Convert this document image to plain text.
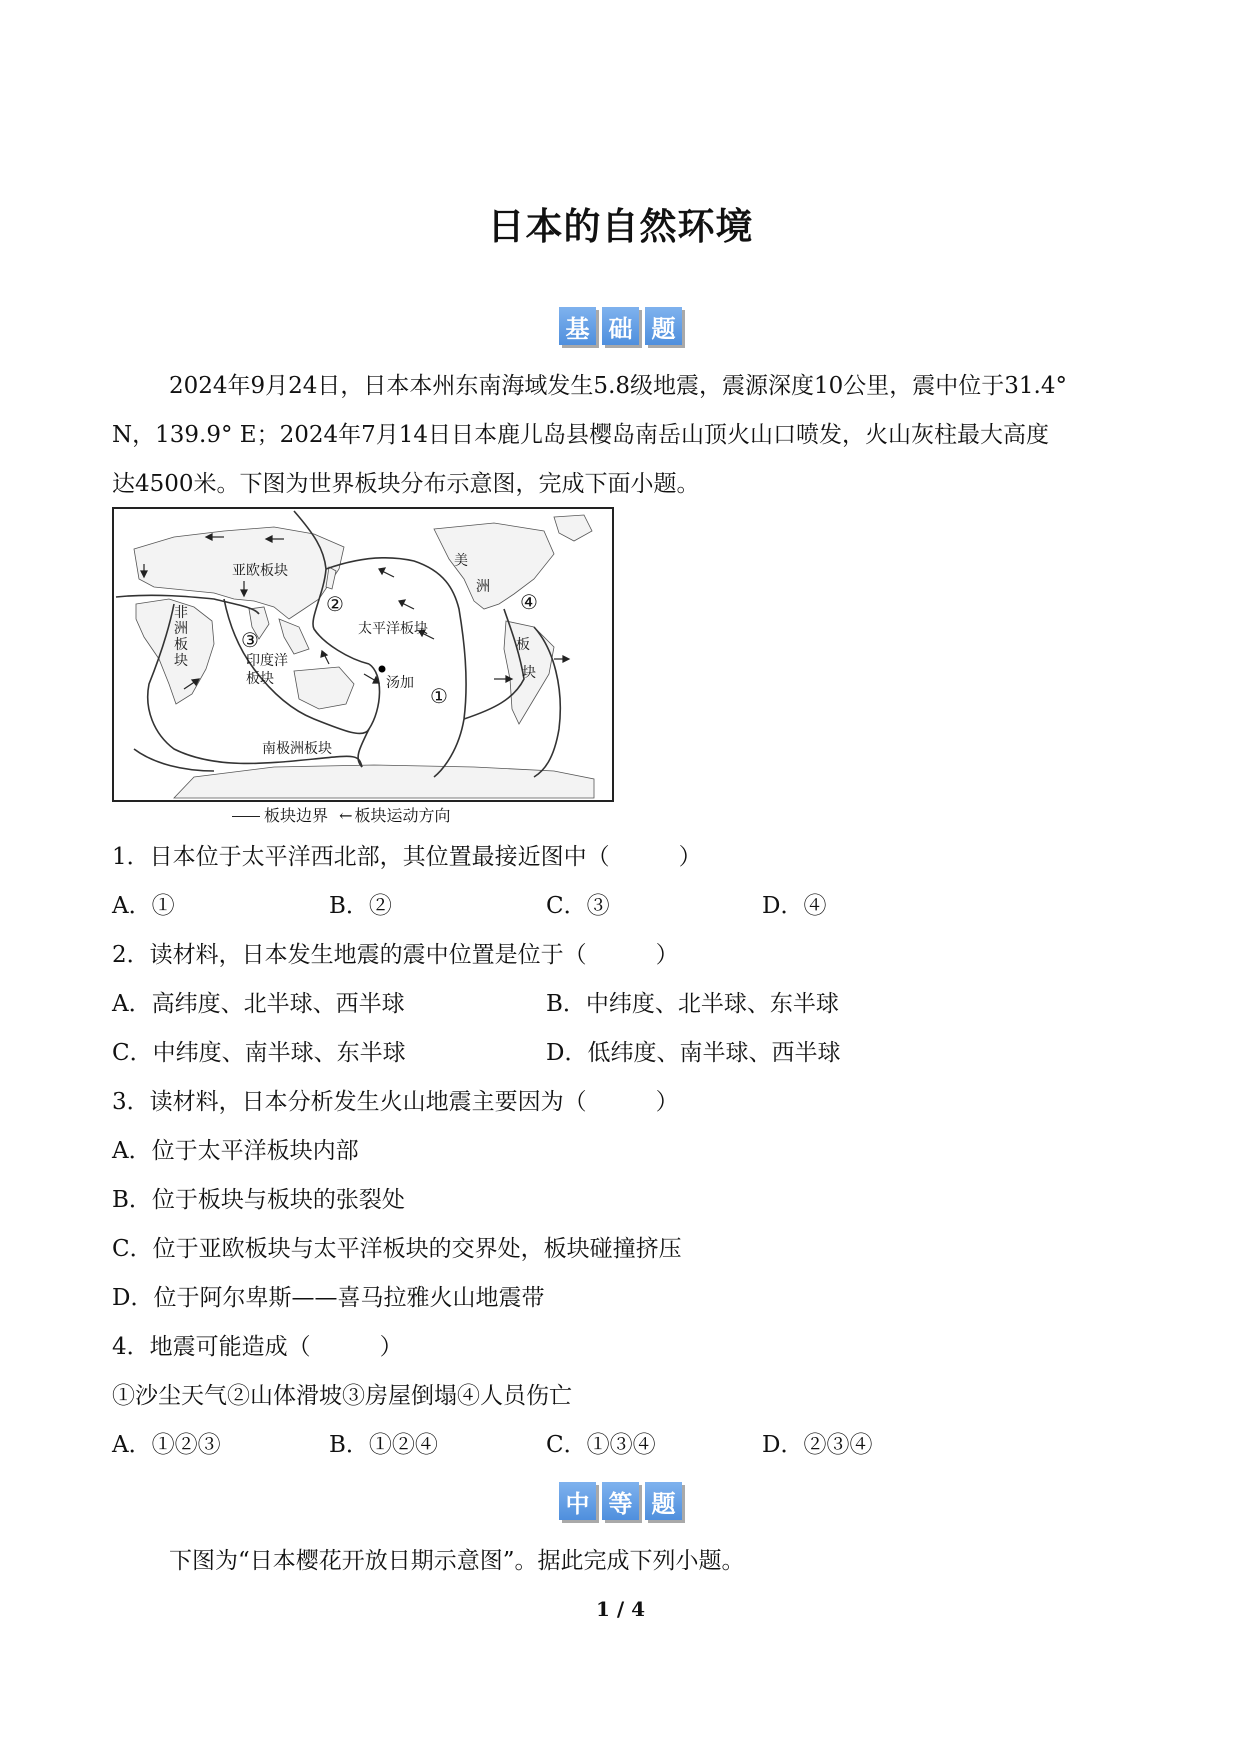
日本的自然环境
基 础 题
2024年9月24日，日本本州东南海域发生5.8级地震，震源深度10公里，震中位于31.4°
N，139.9° E；2024年7月14日日本鹿儿岛县樱岛南岳山顶火山口喷发，火山灰柱最大高度
达4500米。下图为世界板块分布示意图，完成下面小题。
亚欧板块
非
洲
板
块	印度洋
板块
太平洋板块
美
洲
板
块
南极洲板块
汤加
①
②
③
④
板块边界 ← 板块运动方向
1．日本位于太平洋西北部，其位置最接近图中（　　　）
A．①	B．②	C．③	D．④
2．读材料，日本发生地震的震中位置是位于（　　　）
A．高纬度、北半球、西半球	B．中纬度、北半球、东半球
C．中纬度、南半球、东半球	D．低纬度、南半球、西半球
3．读材料，日本分析发生火山地震主要因为（　　　）
A．位于太平洋板块内部
B．位于板块与板块的张裂处
C．位于亚欧板块与太平洋板块的交界处，板块碰撞挤压
D．位于阿尔卑斯——喜马拉雅火山地震带
4．地震可能造成（　　　）
①沙尘天气②山体滑坡③房屋倒塌④人员伤亡
A．①②③	B．①②④	C．①③④	D．②③④
中 等 题
下图为“日本樱花开放日期示意图”。据此完成下列小题。
1 / 4
